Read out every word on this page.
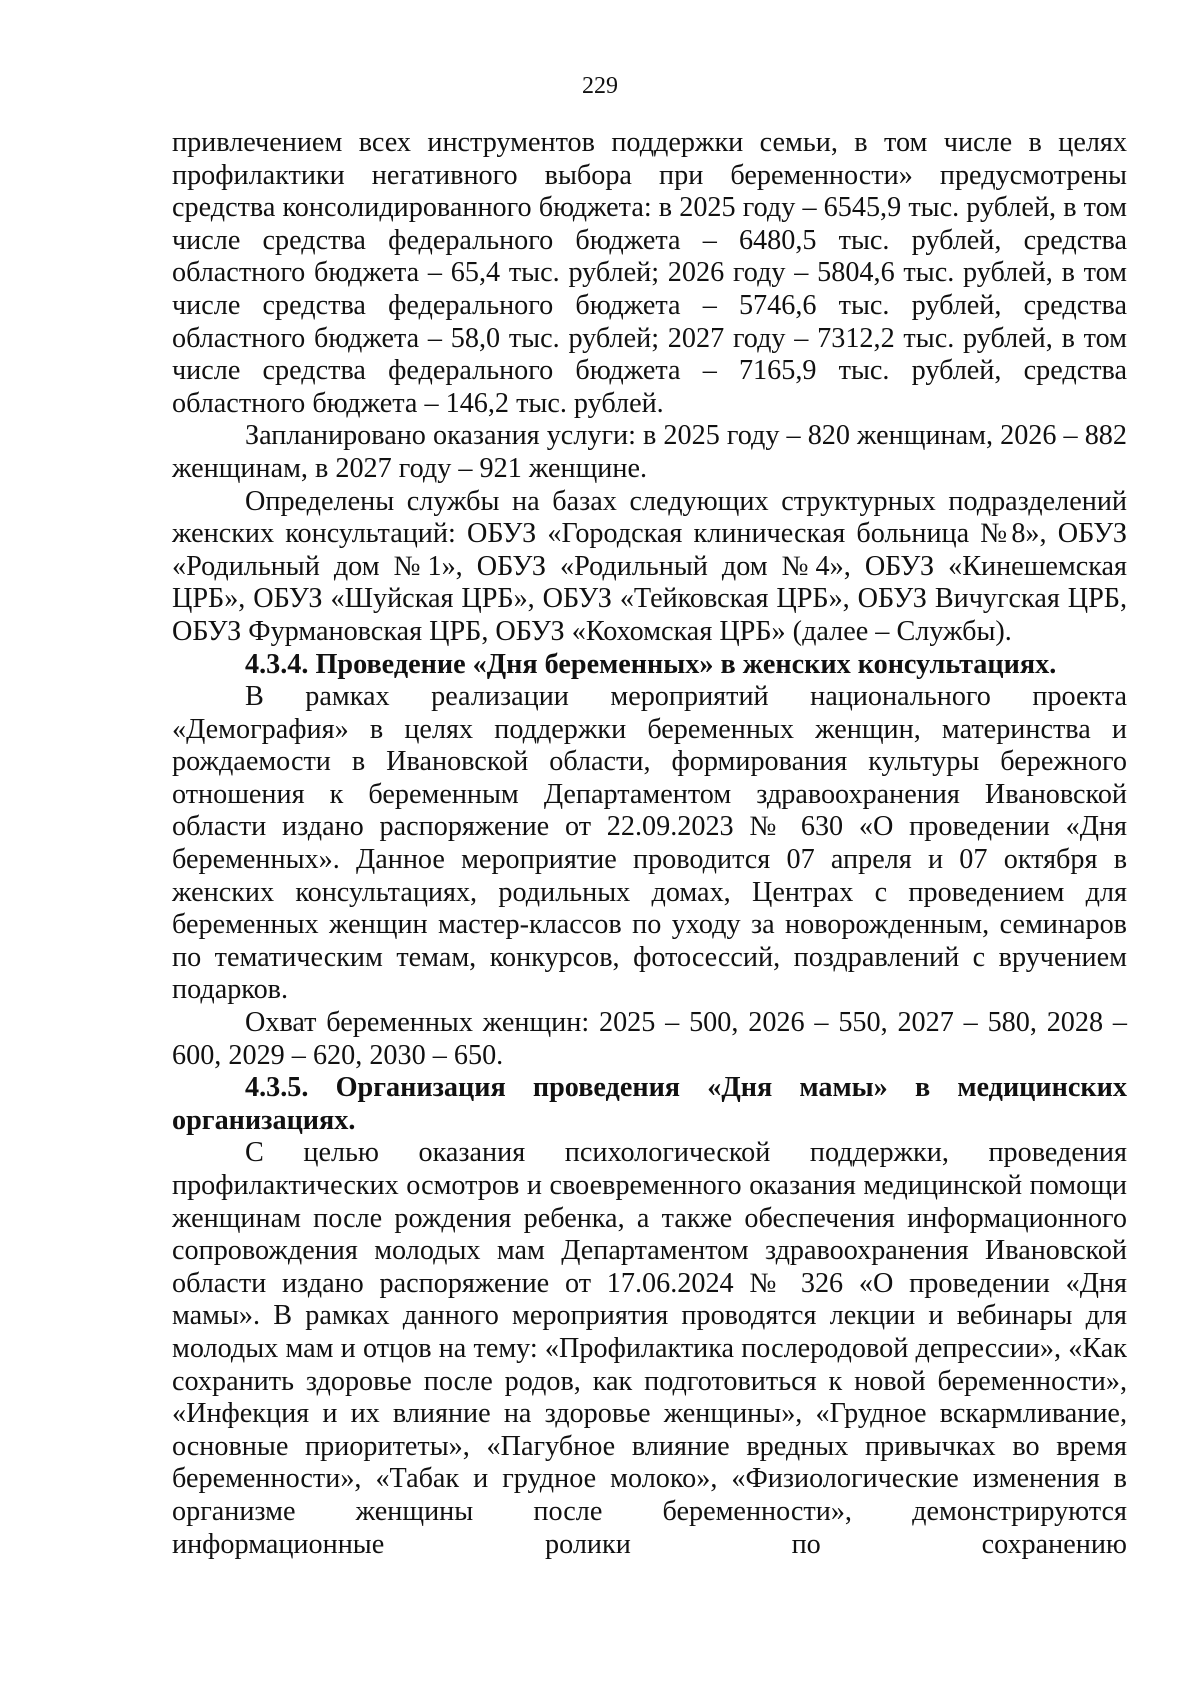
229

привлечением всех инструментов поддержки семьи, в том числе в целях профилактики негативного выбора при беременности» предусмотрены средства консолидированного бюджета: в 2025 году – 6545,9 тыс. рублей, в том числе средства федерального бюджета – 6480,5 тыс. рублей, средства областного бюджета – 65,4 тыс. рублей; 2026 году – 5804,6 тыс. рублей, в том числе средства федерального бюджета – 5746,6 тыс. рублей, средства областного бюджета – 58,0 тыс. рублей; 2027 году – 7312,2 тыс. рублей, в том числе средства федерального бюджета – 7165,9 тыс. рублей, средства областного бюджета – 146,2 тыс. рублей.

Запланировано оказания услуги: в 2025 году – 820 женщинам, 2026 – 882 женщинам, в 2027 году – 921 женщине.

Определены службы на базах следующих структурных подразделений женских консультаций: ОБУЗ «Городская клиническая больница №8», ОБУЗ «Родильный дом №1», ОБУЗ «Родильный дом №4», ОБУЗ «Кинешемская ЦРБ», ОБУЗ «Шуйская ЦРБ», ОБУЗ «Тейковская ЦРБ», ОБУЗ Вичугская ЦРБ, ОБУЗ Фурмановская ЦРБ, ОБУЗ «Кохомская ЦРБ» (далее – Службы).

4.3.4. Проведение «Дня беременных» в женских консультациях.

В рамках реализации мероприятий национального проекта «Демография» в целях поддержки беременных женщин, материнства и рождаемости в Ивановской области, формирования культуры бережного отношения к беременным Департаментом здравоохранения Ивановской области издано распоряжение от 22.09.2023 № 630 «О проведении «Дня беременных». Данное мероприятие проводится 07 апреля и 07 октября в женских консультациях, родильных домах, Центрах с проведением для беременных женщин мастер-классов по уходу за новорожденным, семинаров по тематическим темам, конкурсов, фотосессий, поздравлений с вручением подарков.

Охват беременных женщин: 2025 – 500, 2026 – 550, 2027 – 580, 2028 – 600, 2029 – 620, 2030 – 650.

4.3.5. Организация проведения «Дня мамы» в медицинских организациях.

С целью оказания психологической поддержки, проведения профилактических осмотров и своевременного оказания медицинской помощи женщинам после рождения ребенка, а также обеспечения информационного сопровождения молодых мам Департаментом здравоохранения Ивановской области издано распоряжение от 17.06.2024 № 326 «О проведении «Дня мамы». В рамках данного мероприятия проводятся лекции и вебинары для молодых мам и отцов на тему: «Профилактика послеродовой депрессии», «Как сохранить здоровье после родов, как подготовиться к новой беременности», «Инфекция и их влияние на здоровье женщины», «Грудное вскармливание, основные приоритеты», «Пагубное влияние вредных привычках во время беременности», «Табак и грудное молоко», «Физиологические изменения в организме женщины после беременности», демонстрируются информационные ролики по сохранению
